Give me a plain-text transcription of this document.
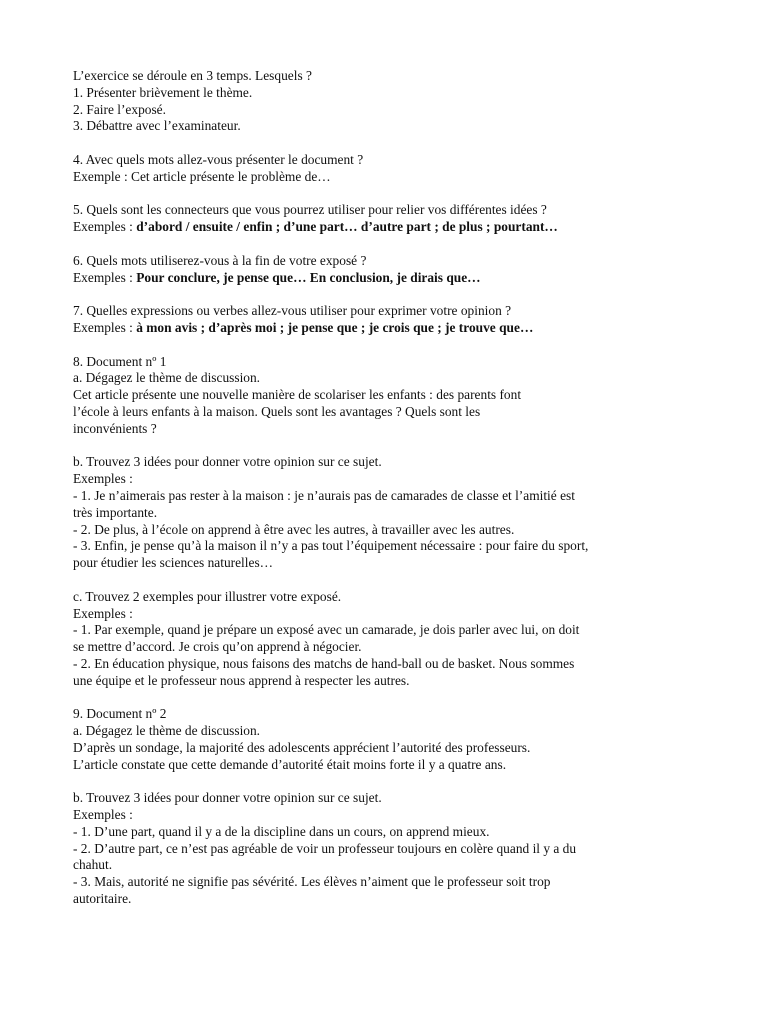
L’exercice se déroule en 3 temps. Lesquels ?
1. Présenter brièvement le thème.
2. Faire l’exposé.
3. Débattre avec l’examinateur.
4. Avec quels mots allez-vous présenter le document ?
Exemple : Cet article présente le problème de…
5. Quels sont les connecteurs que vous pourrez utiliser pour relier vos différentes idées ?
Exemples : d’abord / ensuite / enfin ; d’une part… d’autre part ; de plus ; pourtant…
6. Quels mots utiliserez-vous à la fin de votre exposé ?
Exemples : Pour conclure, je pense que… En conclusion, je dirais que…
7. Quelles expressions ou verbes allez-vous utiliser pour exprimer votre opinion ?
Exemples : à mon avis ; d’après moi ; je pense que ; je crois que ; je trouve que…
8. Document nº 1
a. Dégagez le thème de discussion.
Cet article présente une nouvelle manière de scolariser les enfants : des parents font
l’école à leurs enfants à la maison. Quels sont les avantages ? Quels sont les
inconvénients ?
b. Trouvez 3 idées pour donner votre opinion sur ce sujet.
Exemples :
- 1. Je n’aimerais pas rester à la maison : je n’aurais pas de camarades de classe et l’amitié est
très importante.
- 2. De plus, à l’école on apprend à être avec les autres, à travailler avec les autres.
- 3. Enfin, je pense qu’à la maison il n’y a pas tout l’équipement nécessaire : pour faire du sport,
pour étudier les sciences naturelles…
c. Trouvez 2 exemples pour illustrer votre exposé.
Exemples :
- 1. Par exemple, quand je prépare un exposé avec un camarade, je dois parler avec lui, on doit
se mettre d’accord. Je crois qu’on apprend à négocier.
- 2. En éducation physique, nous faisons des matchs de hand-ball ou de basket. Nous sommes
une équipe et le professeur nous apprend à respecter les autres.
9. Document nº 2
a. Dégagez le thème de discussion.
D’après un sondage, la majorité des adolescents apprécient l’autorité des professeurs.
L’article constate que cette demande d’autorité était moins forte il y a quatre ans.
b. Trouvez 3 idées pour donner votre opinion sur ce sujet.
Exemples :
- 1. D’une part, quand il y a de la discipline dans un cours, on apprend mieux.
- 2. D’autre part, ce n’est pas agréable de voir un professeur toujours en colère quand il y a du
chahut.
- 3. Mais, autorité ne signifie pas sévérité. Les élèves n’aiment que le professeur soit trop
autoritaire.
